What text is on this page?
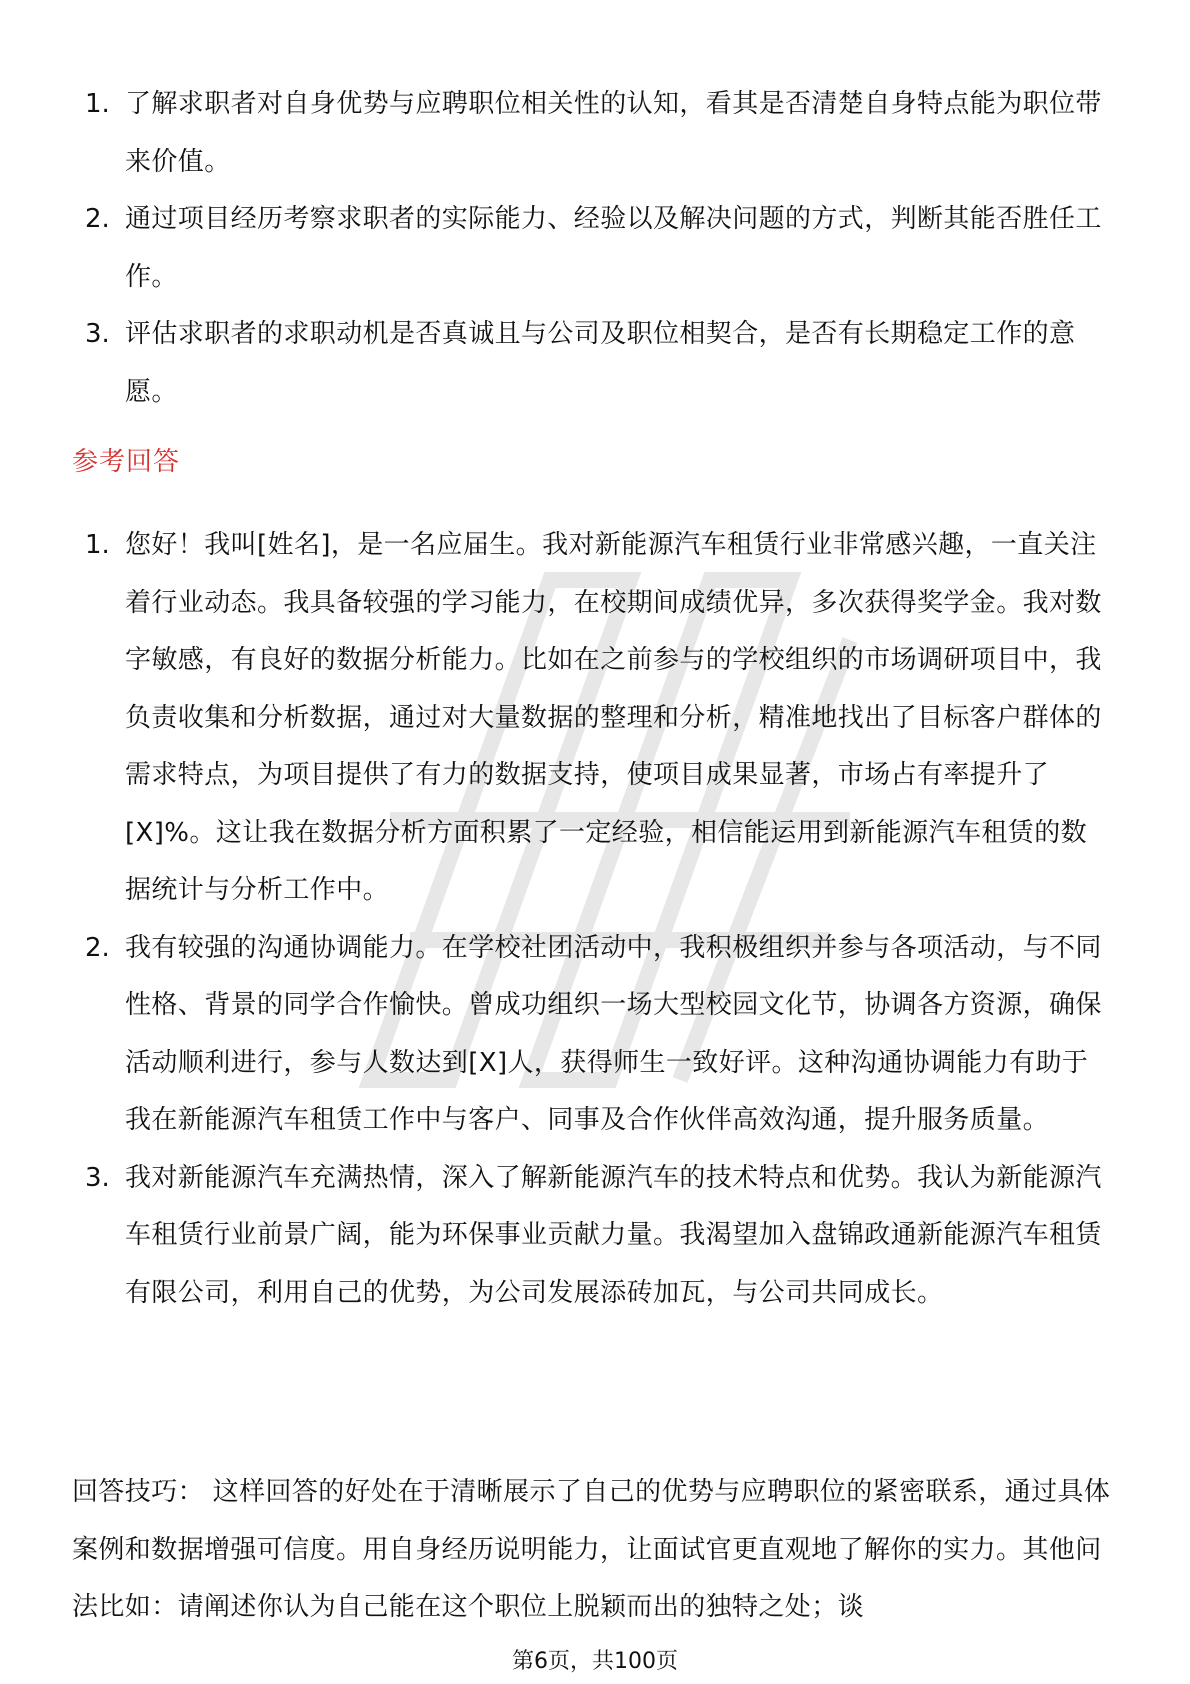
1. 了解求职者对自身优势与应聘职位相关性的认知，看其是否清楚自身特点能为职位带来价值。
2. 通过项目经历考察求职者的实际能力、经验以及解决问题的方式，判断其能否胜任工作。
3. 评估求职者的求职动机是否真诚且与公司及职位相契合，是否有长期稳定工作的意愿。
参考回答
1. 您好！我叫[姓名]，是一名应届生。我对新能源汽车租赁行业非常感兴趣，一直关注着行业动态。我具备较强的学习能力，在校期间成绩优异，多次获得奖学金。我对数字敏感，有良好的数据分析能力。比如在之前参与的学校组织的市场调研项目中，我负责收集和分析数据，通过对大量数据的整理和分析，精准地找出了目标客户群体的需求特点，为项目提供了有力的数据支持，使项目成果显著，市场占有率提升了[X]%。这让我在数据分析方面积累了一定经验，相信能运用到新能源汽车租赁的数据统计与分析工作中。
2. 我有较强的沟通协调能力。在学校社团活动中，我积极组织并参与各项活动，与不同性格、背景的同学合作愉快。曾成功组织一场大型校园文化节，协调各方资源，确保活动顺利进行，参与人数达到[X]人，获得师生一致好评。这种沟通协调能力有助于我在新能源汽车租赁工作中与客户、同事及合作伙伴高效沟通，提升服务质量。
3. 我对新能源汽车充满热情，深入了解新能源汽车的技术特点和优势。我认为新能源汽车租赁行业前景广阔，能为环保事业贡献力量。我渴望加入盘锦政通新能源汽车租赁有限公司，利用自己的优势，为公司发展添砖加瓦，与公司共同成长。

回答技巧： 这样回答的好处在于清晰展示了自己的优势与应聘职位的紧密联系，通过具体案例和数据增强可信度。用自身经历说明能力，让面试官更直观地了解你的实力。其他问法比如：请阐述你认为自己能在这个职位上脱颖而出的独特之处；谈

第6页，共100页
